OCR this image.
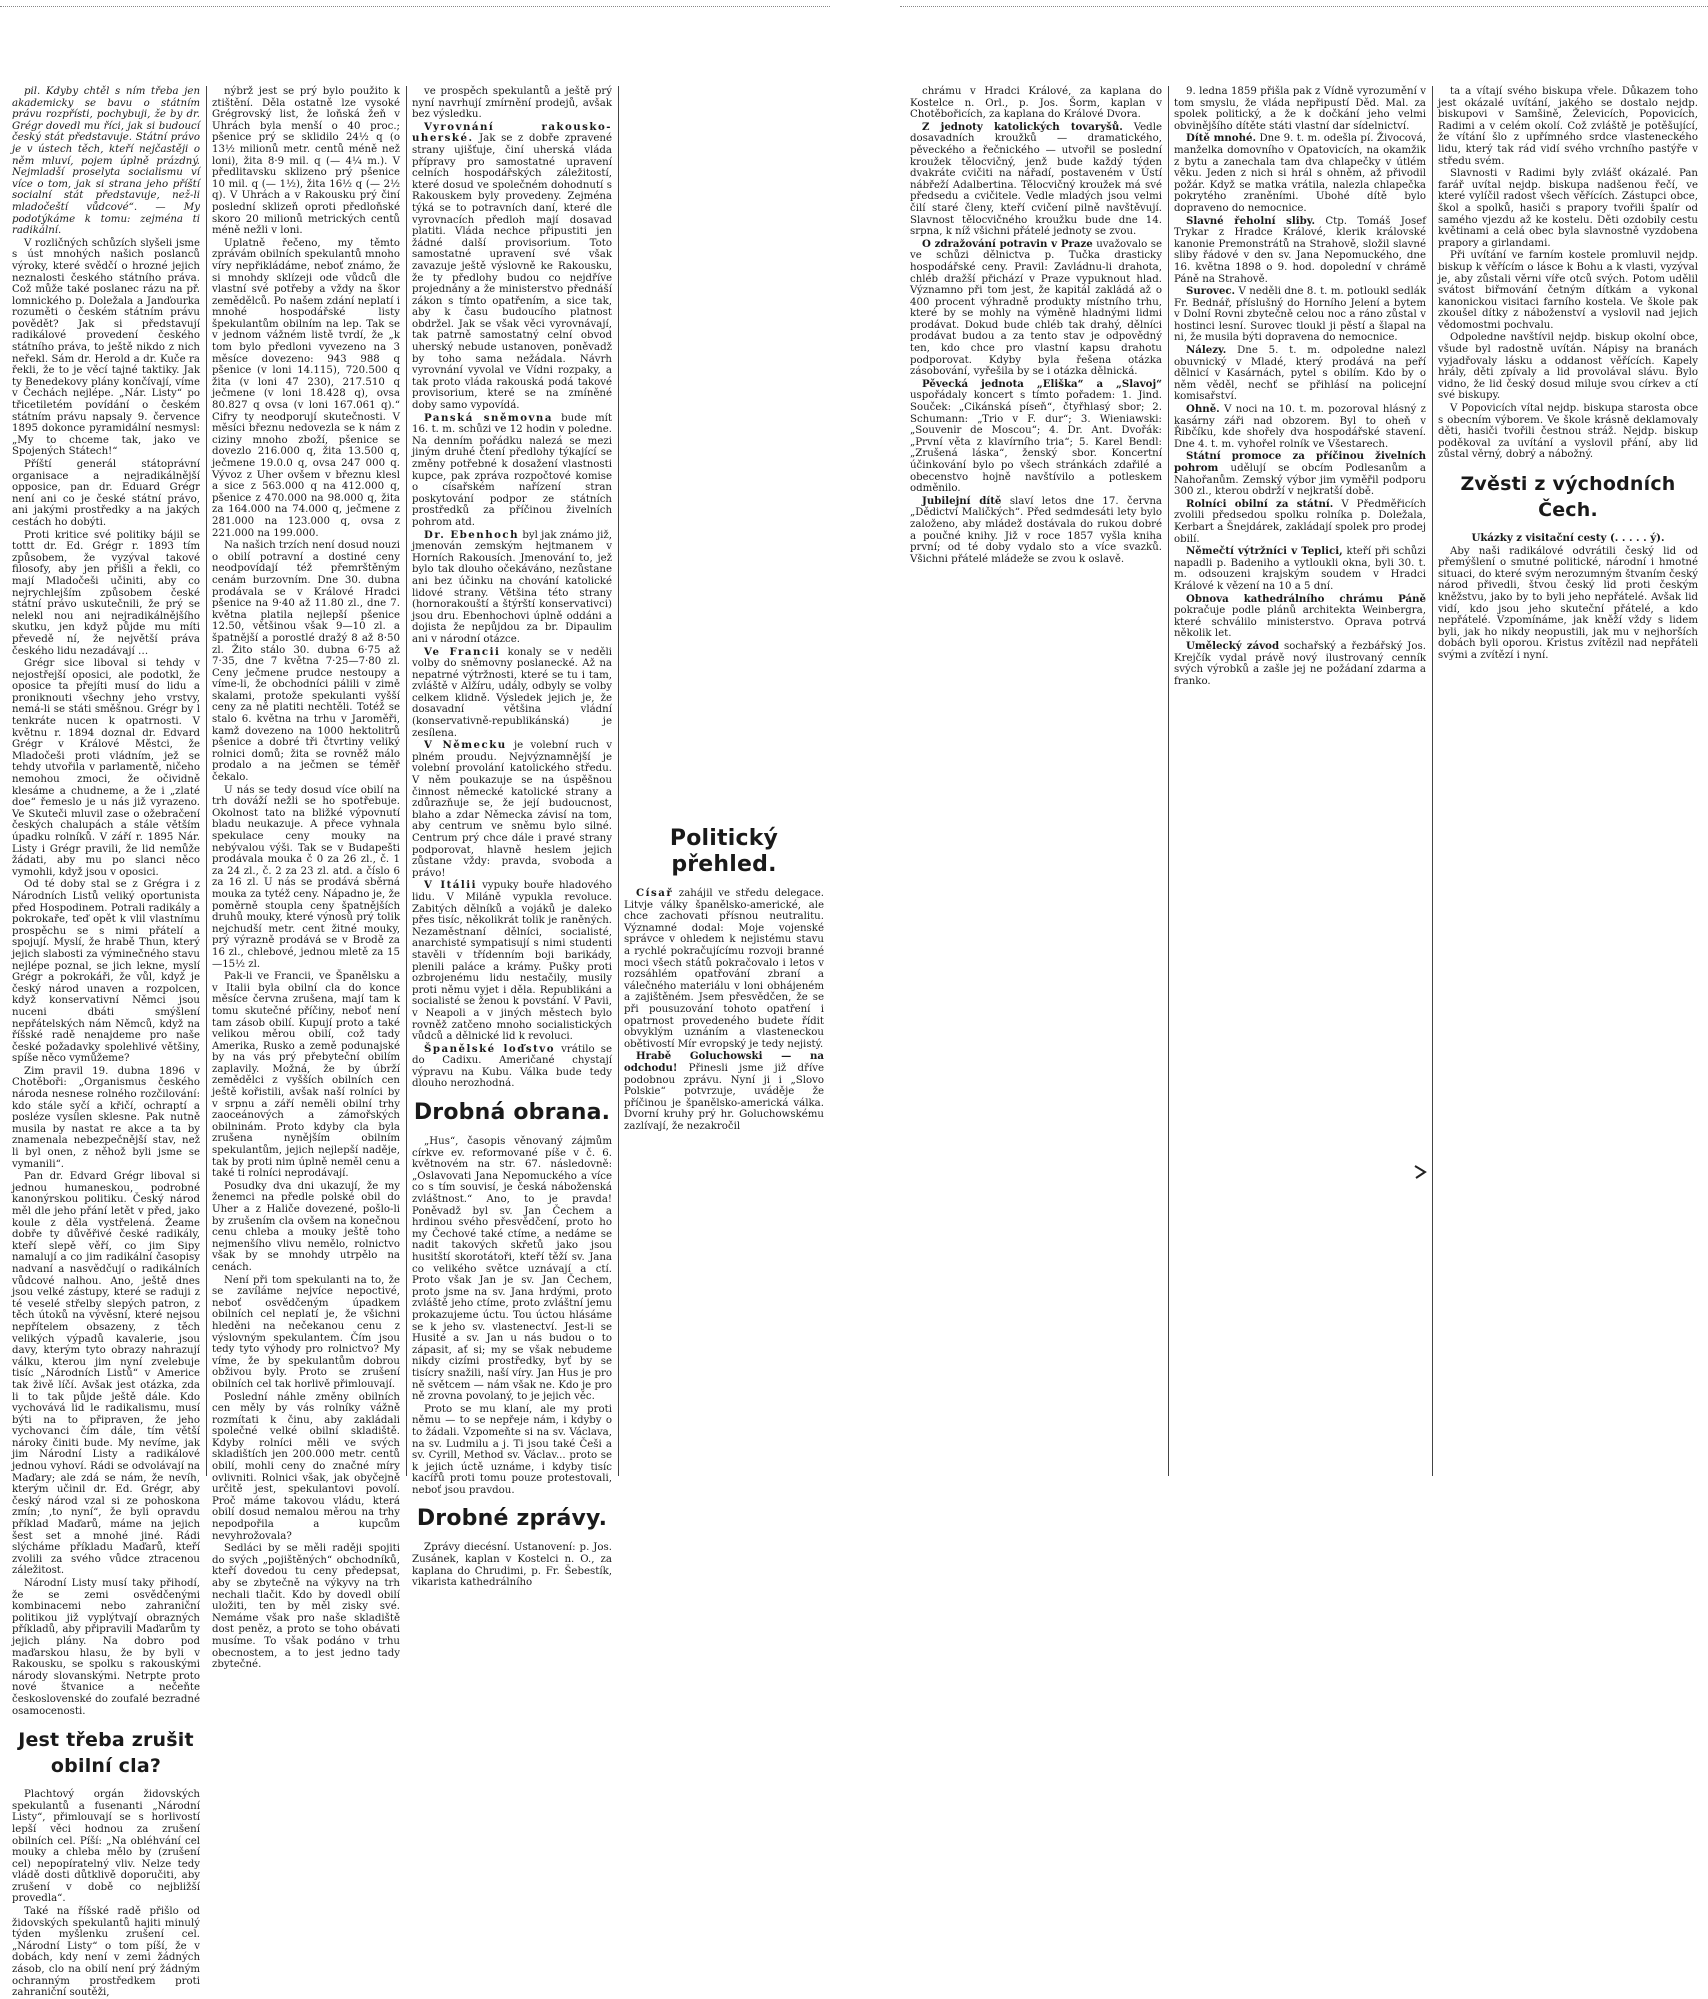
pil. Kdyby chtěl s ním třeba jen akademicky se bavu o státním právu rozpřísti, pochybuji, že by dr. Grégr dovedl mu říci, jak si budoucí český stát představuje. Státní právo je v ústech těch, kteří nejčastěji o něm mluví, pojem úplně prázdný. Nejmladší proselyta socialismu ví více o tom, jak si strana jeho příští socialní stát představuje, než-li mladočeští vůdcové“. — My podotýkáme k tomu: zejména ti radikální.

V rozličných schůzích slyšeli jsme s úst mnohých našich poslanců výroky, které svědčí o hrozné jejich neznalosti českého státního práva. Což může také poslanec rázu na př. lomnického p. Doležala a Janďourka rozuměti o českém státním právu povědět? Jak si představují radikálové provedení českého státního práva, to ještě nikdo z nich neřekl. Sám dr. Herold a dr. Kuče ra řekli, že to je věcí tajné taktiky. Jak ty Benedekovy plány končívají, víme v Čechách nejlépe. „Nár. Listy“ po třicetiletém povídání o českém státním právu napsaly 9. července 1895 dokonce pyramidální nesmysl: „My to chceme tak, jako ve Spojených Státech!“

Příští generál státoprávní organisace a nejradikálnější opposice, pan dr. Eduard Grégr není ani co je české státní právo, ani jakými prostředky a na jakých cestách ho dobýti.

Proti kritice své politiky bájil se tottt dr. Ed. Grégr r. 1893 tím způsobem, že vyzýval takové filosofy, aby jen přišli a řekli, co mají Mladočeši učiniti, aby co nejrychlejším způsobem české státní právo uskutečnili, že prý se nelekl nou ani nejradikálnějšího skutku, jen když půjde mu míti převedě ní, že největší práva českého lidu nezadávají …

Grégr sice liboval si tehdy v nejostřejší oposici, ale podotkl, že oposice ta přejíti musí do lidu a proniknouti všechny jeho vrstvy, nemá-li se státi směšnou. Grégr by l tenkráte nucen k opatrnosti. V květnu r. 1894 doznal dr. Edvard Grégr v Králové Městci, že Mladočeši proti vládním, jež se tehdy utvořila v parlamentě, ničeho nemohou zmoci, že očividně klesáme a chudneme, a že i „zlaté doe“ řemeslo je u nás již vyrazeno. Ve Skuteči mluvil zase o ožebračení českých chalupách a stále větším úpadku rolníků. V září r. 1895 Nár. Listy i Grégr pravili, že lid nemůže žádati, aby mu po slanci něco vymohli, když jsou v oposici.

Od té doby stal se z Grégra i z Národních Listů veliký oportunista před Hospodinem. Potrali radikály a pokrokaře, teď opět k vlil vlastnímu prospěchu se s nimi přátelí a spojují. Myslí, že hrabě Thun, který jejich slabosti za výminečného stavu nejlépe poznal, se jich lekne, myslí Grégr a pokrokáři, že vůl, když je český národ unaven a rozpolcen, když konservativní Němci jsou nuceni dbáti smýšlení nepřátelských nám Němců, když na říšské radě nenajdeme pro naše české požadavky spolehlivé většiny, spíše něco vymůžeme?

Zim pravil 19. dubna 1896 v Chotěboři: „Organismus českého národa nesnese rolného rozčilování: kdo stále syčí a křičí, ochraptí a posléze vysílen sklesne. Pak nutně musila by nastat re akce a ta by znamenala nebezpečnější stav, než li byl onen, z něhož byli jsme se vymanili“.

Pan dr. Edvard Grégr liboval si jednou humaneskou, podrobné kanonýrskou politiku. Český národ měl dle jeho přání letět v před, jako koule z děla vystřelená. Žeame dobře ty důvěřivé české radikály, kteří slepě věří, co jim Sipy namalují a co jim radikální časopisy nadvaní a nasvědčují o radikálních vůdcové nalhou. Ano, ještě dnes jsou velké zástupy, které se raduji z té veselé střelby slepých patron, z těch útoků na vývěsní, které nejsou nepřítelem obsazeny, z těch velikých výpadů kavalerie, jsou davy, kterým tyto obrazy nahrazují válku, kterou jim nyní zvelebuje tisíc „Národních Listů“ v Americe tak živě líčí. Avšak jest otázka, zda li to tak půjde ještě dále. Kdo vychovává lid le radikalismu, musí býti na to připraven, že jeho vychovanci čím dále, tím větší nároky činiti bude. My nevíme, jak jim Národní Listy a radikálové jednou vyhoví. Rádi se odvolávají na Maďary; ale zdá se nám, že nevíh, kterým učinil dr. Ed. Grégr, aby český národ vzal si ze pohoskona zmín; ‚to nyní“, že byli opravdu příklad Maďarů, máme na jejich šest set a mnohé jiné. Rádi slýcháme příkladu Maďarů, kteří zvolili za svého vůdce ztracenou záležitost.

Národní Listy musí taky přihodí, že se zemi osvědčenými kombinacemi nebo zahraniční politikou již vyplýtvají obrazných příkladů, aby připravili Maďarům ty jejich plány. Na dobro pod maďarskou hlasu, že by byli v Rakousku, se spolku s rakouskými národy slovanskými. Netrpte proto nové štvanice a nečeňte československé do zoufalé bezradné osamocenosti.

Jest třeba zrušit obilní cla?

Plachtový orgán židovských spekulantů a fusenanti „Národní Listy“, přimlouvají se s horlivostí lepší věci hodnou za zrušení obilních cel. Píší: „Na obléhvání cel mouky a chleba mělo by (zrušení cel) nepopíratelný vliv. Nelze tedy vládě dosti důtklivě doporučiti, aby zrušení v době co nejbližší provedla“.

Také na říšské radě přišlo od židovských spekulantů hajiti minulý týden myšlenku zrušení cel. „Národní Listy“ o tom píší, že v dobách, kdy není v zemi žádných zásob, clo na obilí není prý žádným ochranným prostředkem proti zahraniční soutěži,

nýbrž jest se prý bylo použito k ztištění. Děla ostatně lze vysoké Grégrovský list, že loňská žeň v Uhrách byla menší o 40 proc.; pšenice prý se sklidilo 24½ q (o 13½ milionů metr. centů méně než loni), žita 8·9 mil. q (— 4¼ m.). V předlitavsku sklizeno prý pšenice 10 mil. q (— 1½), žita 16½ q (— 2½ q). V Uhrách a v Rakousku prý činí poslední sklizeň oproti předloňské skoro 20 milionů metrických centů méně nežli v loni.

Uplatně řečeno, my těmto zprávám obilních spekulantů mnoho víry nepřikládáme, neboť známo, že si mnohdy sklízeji ode vůdců dle vlastní své potřeby a vždy na škor zemědělců. Po našem zdání neplatí i mnohé hospodářské listy špekulantům obilním na lep. Tak se v jednom vážném listě tvrdí, že „k tom bylo předloni vyvezeno na 3 měsíce dovezeno: 943 988 q pšenice (v loni 14.115), 720.500 q žita (v loni 47 230), 217.510 q ječmene (v loni 18.428 q), ovsa 80.827 q ovsa (v loni 167.061 q).“ Cifry ty neodporují skutečnosti. V měsíci březnu nedovezla se k nám z ciziny mnoho zboží, pšenice se dovezlo 216.000 q, žita 13.500 q, ječmene 19.0.0 q, ovsa 247 000 q. Vývoz z Uher ovšem v březnu klesl a sice z 563.000 q na 412.000 q, pšenice z 470.000 na 98.000 q, žita za 164.000 na 74.000 q, ječmene z 281.000 na 123.000 q, ovsa z 221.000 na 199.000.

Na našich trzích není dosud nouzi o obilí potravní a dostiné ceny neodpovídají též přemrštěným cenám burzovním. Dne 30. dubna prodávala se v Králové Hradci pšenice na 9·40 až 11.80 zl., dne 7. května platila nejlepší pšenice 12.50, většinou však 9—10 zl. a špatnější a porostlé dražý 8 až 8·50 zl. Žito stálo 30. dubna 6·75 až 7·35, dne 7 května 7·25—7·80 zl. Ceny ječmene prudce nestoupy a víme-li, že obchodníci pálili v zimě skalami, protože spekulanti vyšší ceny za ně platiti nechtěli. Totéž se stalo 6. května na trhu v Jaroměři, kamž dovezeno na 1000 hektolitrů pšenice a dobré tři čtvrtiny veliký rolnici domů; žita se rovněž málo prodalo a na ječmen se téměř čekalo.

U nás se tedy dosud více obilí na trh dováží nežli se ho spotřebuje. Okolnost tato na bližké výpovnutí bladu neukazuje. A přece vyhnala spekulace ceny mouky na nebývalou výši. Tak se v Budapešti prodávala mouka č 0 za 26 zl., č. 1 za 24 zl., č. 2 za 23 zl. atd. a číslo 6 za 16 zl. U nás se prodává sběrná mouka za tytéž ceny. Nápadno je, že poměrně stoupla ceny špatnějších druhů mouky, které výnosů prý tolik nejchudší metr. cent žitné mouky, prý výrazně prodává se v Brodě za 16 zl., chlebové, jednou mletě za 15—15½ zl.

Pak-li ve Francii, ve Španělsku a v Italii byla obilní cla do konce měsíce června zrušena, mají tam k tomu skutečné příčiny, neboť není tam zásob obilí. Kupují proto a také velikou měrou obilí, což tady Amerika, Rusko a země podunajské by na vás prý přebyteční obilím zaplavily. Možná, že by úbrží zemědělci z vyšších obilních cen ještě kořistili, avšak naší rolníci by v srpnu a září neměli obilní trhy zaoceánových a zámořských obilninám. Proto kdyby cla byla zrušena nynějším obilním spekulantům, jejich nejlepší naděje, tak by proti nim úplně neměl cenu a také ti rolníci neprodávají.

Posudky dva dni ukazují, že my ženemci na předle polské obil do Uher a z Haliče dovezené, pošlo-li by zrušením cla ovšem na konečnou cenu chleba a mouky ještě toho nejmenšího vlivu nemělo, rolnictvo však by se mnohdy utrpělo na cenách.

Není při tom spekulanti na to, že se zavíláme nejvíce nepoctivé, neboť osvědčeným úpadkem obilních cel neplatí je, že všichni hleděni na nečekanou cenu z výslovným spekulantem. Čím jsou tedy tyto výhody pro rolnictvo? My víme, že by spekulantům dobrou obživou byly. Proto se zrušení obilních cel tak horlivě přimlouvají.

Poslední náhle změny obilních cen měly by vás rolníky vážně rozmítati k činu, aby zakládali společné velké obilní skladiště. Kdyby rolníci měli ve svých skladištích jen 200.000 metr. centů obilí, mohli ceny do značné míry ovlivniti. Rolnici však, jak obyčejně určitě jest, spekulantovi povolí. Proč máme takovou vládu, která obilí dosud nemalou měrou na trhy nepodpořila a kupcům nevyhrožovala?

Sedláci by se měli raději spojiti do svých „pojištěných“ obchodníků, kteří dovedou tu ceny předepsat, aby se zbytečně na výkyvy na trh nechali tlačit. Kdo by dovedl obilí uložiti, ten by měl zisky své. Nemáme však pro naše skladiště dost peněz, a proto se toho obávati musíme. To však podáno v trhu obecnostem, a to jest jedno tady zbytečné.

ve prospěch spekulantů a ještě prý nyní navrhují zmírnění prodejů, avšak bez výsledku.

Vyrovnání rakousko-uherské. Jak se z dobře zpravené strany ujišťuje, činí uherská vláda přípravy pro samostatné upravení celních hospodářských záležitostí, které dosud ve společném dohodnutí s Rakouskem byly provedeny. Zejména týká se to potravních daní, které dle vyrovnacích předloh mají dosavad platiti. Vláda nechce připustiti jen žádné další provisorium. Toto samostatné upravení své však zavazuje ještě výslovně ke Rakousku, že ty předlohy budou co nejdříve projednány a že ministerstvo přednáší zákon s tímto opatřením, a sice tak, aby k času budoucího platnost obdržel. Jak se však věci vyrovnávají, tak patrně samostatný celní obvod uherský nebude ustanoven, poněvadž by toho sama nežádala. Návrh vyrovnání vyvolal ve Vídni rozpaky, a tak proto vláda rakouská podá takové provisorium, které se na zmíněné doby samo vypovídá.

Panská sněmovna bude mít 16. t. m. schůzi ve 12 hodin v poledne. Na denním pořádku nalezá se mezi jiným druhé čtení předlohy týkající se změny potřebné k dosažení vlastnosti kupce, pak zpráva rozpočtové komise o císařském nařízení stran poskytování podpor ze státních prostředků za příčinou živelních pohrom atd.

Dr. Ebenhoch byl jak známo již, jmenován zemským hejtmanem v Horních Rakousích. Jmenování to, jež bylo tak dlouho očekáváno, nezůstane ani bez účinku na chování katolické lidové strany. Většina této strany (hornorakouští a štýrští konservativci) jsou dru. Ebenhochovi úplně oddáni a dojista že nepůjdou za br. Dipaulim ani v národní otázce.

Ve Francii konaly se v neděli volby do sněmovny poslanecké. Až na nepatrné výtržnosti, které se tu i tam, zvláště v Alžíru, udály, odbyly se volby celkem klidně. Výsledek jejich je, že dosavadní většina vládní (konservativně-republikánská) je zesílena.

V Německu je volební ruch v plném proudu. Nejvýznamnější je volební provolání katolického středu. V něm poukazuje se na úspěšnou činnost německé katolické strany a zdůrazňuje se, že její budoucnost, blaho a zdar Německa závisí na tom, aby centrum ve sněmu bylo silné. Centrum prý chce dále i pravé strany podporovat, hlavně heslem jejich zůstane vždy: pravda, svoboda a právo!

V Itálii vypuky bouře hladového lidu. V Miláně vypukla revoluce. Zabitých dělníků a vojáků je daleko přes tisíc, několikrát tolik je raněných. Nezaměstnaní dělníci, socialisté, anarchisté sympatisují s nimi studenti stavěli v třídenním boji barikády, plenili paláce a krámy. Pušky proti ozbrojenému lidu nestačily, musily proti němu vyjet i děla. Republikáni a socialisté se ženou k povstání. V Pavii, v Neapoli a v jiných městech bylo rovněž zatčeno mnoho socialistických vůdců a dělnické lid k revoluci.

Španělské loďstvo vrátilo se do Cadixu. Američané chystají výpravu na Kubu. Válka bude tedy dlouho nerozhodná.

Drobná obrana.

„Hus“, časopis věnovaný zájmům církve ev. reformované píše v č. 6. květnovém na str. 67. následovně: „Oslavovati Jana Nepomuckého a více co s tím souvisí, je česká náboženská zvláštnost.“ Ano, to je pravda! Poněvadž byl sv. Jan Čechem a hrdinou svého přesvědčení, proto ho my Čechové také ctíme, a nedáme se nadit takových skřetů jako jsou husitští skorotátoři, kteří těží sv. Jana co velikého světce uznávají a ctí. Proto však Jan je sv. Jan Čechem, proto jsme na sv. Jana hrdými, proto zvláště jeho ctíme, proto zvláštní jemu prokazujeme úctu. Tou úctou hlásáme se k jeho sv. vlastenectví. Jest-li se Husité a sv. Jan u nás budou o to zápasit, ať si; my se však nebudeme nikdy cizími prostředky, byť by se tisícry snažili, naší víry. Jan Hus je pro ně světcem — nám však ne. Kdo je pro ně zrovna povolaný, to je jejich věc.

Proto se mu klaní, ale my proti němu — to se nepřeje nám, i kdyby o to žádali. Vzpomeňte si na sv. Václava, na sv. Ludmilu a j. Ti jsou také Češi a sv. Cyrill, Method sv. Václav... proto se k jejich úctě uznáme, i kdyby tisíc kacířů proti tomu pouze protestovali, neboť jsou pravdou.

Drobné zprávy.

Zprávy diecésní. Ustanovení: p. Jos. Zusánek, kaplan v Kostelci n. O., za kaplana do Chrudimi, p. Fr. Šebestík, vikarista kathedrálního

Politický přehled.

Císař zahájil ve středu delegace. Litvje války španělsko-americké, ale chce zachovati přísnou neutralitu. Významné dodal: Moje vojenské správce v ohledem k nejistému stavu a rychlé pokračujícímu rozvoji branné moci všech států pokračovalo i letos v rozsáhlém opatřování zbraní a válečného materiálu v loni obhájeném a zajištěném. Jsem přesvědčen, že se při pousuzování tohoto opatření i opatrnost provedeného budete řídit obvyklým uznáním a vlasteneckou obětivostí Mír evropský je tedy nejistý.

Hrabě Goluchowski — na odchodu! Přinesli jsme již dříve podobnou zprávu. Nyní ji i „Slovo Polskie“ potvrzuje, uváděje že příčinou je španělsko-americká válka. Dvorní kruhy prý hr. Goluchowskému zazlívají, že nezakročil

chrámu v Hradci Králové, za kaplana do Kostelce n. Orl., p. Jos. Šorm, kaplan v Chotěbořicích, za kaplana do Králové Dvora.

Z jednoty katolických tovaryšů. Vedle dosavadních kroužků — dramatického, pěveckého a řečnického — utvořil se poslední kroužek tělocvičný, jenž bude každý týden dvakráte cvičiti na nářadí, postaveném v Ústí nábřeží Adalbertina. Tělocvičný kroužek má své předsedu a cvičitele. Vedle mladých jsou velmi čilí staré členy, kteří cvičení pilně navštěvují. Slavnost tělocvičného kroužku bude dne 14. srpna, k níž všichni přátelé jednoty se zvou.

O zdražování potravin v Praze uvažovalo se ve schůzi dělnictva p. Tučka drasticky hospodářské ceny. Pravil: Zavládnu-li drahota, chléb dražší přichází v Praze vypuknout hlad. Významno při tom jest, že kapitál zakládá až o 400 procent výhradně produkty místního trhu, které by se mohly na výměně hladnými lidmi prodávat. Dokud bude chléb tak drahý, dělníci prodávat budou a za tento stav je odpovědný ten, kdo chce pro vlastní kapsu drahotu podporovat. Kdyby byla řešena otázka zásobování, vyřešila by se i otázka dělnická.

Pěvecká jednota „Eliška“ a „Slavoj“ uspořádaly koncert s tímto pořadem: 1. Jind. Souček: „Cikánská píseň“, čtyřhlasý sbor; 2. Schumann: „Trio v F. dur“; 3. Wieniawski: „Souvenir de Moscou“; 4. Dr. Ant. Dvořák: „První věta z klavírního tria“; 5. Karel Bendl: „Zrušená láska“, ženský sbor. Koncertní účinkování bylo po všech stránkách zdařilé a obecenstvo hojně navštívilo a potleskem odměnilo.

Jubilejní dítě slaví letos dne 17. června „Dědictví Maličkých“. Před sedmdesáti lety bylo založeno, aby mládež dostávala do rukou dobré a poučné knihy. Již v roce 1857 vyšla kniha první; od té doby vydalo sto a více svazků. Všichni přátelé mládeže se zvou k oslavě.

9. ledna 1859 přišla pak z Vídně vyrozumění v tom smyslu, že vláda nepřipustí Děd. Mal. za spolek politický, a že k dočkání jeho velmi obvinějšího dítěte státi vlastní dar sídelnictví.

Dítě mnohé. Dne 9. t. m. odešla pí. Živocová, manželka domovního v Opatovicích, na okamžik z bytu a zanechala tam dva chlapečky v útlém věku. Jeden z nich si hrál s ohněm, až přivodil požár. Když se matka vrátila, nalezla chlapečka pokrytého zraněními. Ubohé dítě bylo dopraveno do nemocnice.

Slavné řeholní sliby. Ctp. Tomáš Josef Trykar z Hradce Králové, klerik královské kanonie Premonstrátů na Strahově, složil slavné sliby řádové v den sv. Jana Nepomuckého, dne 16. května 1898 o 9. hod. dopolední v chrámě Páně na Strahově.

Surovec. V neděli dne 8. t. m. potloukl sedlák Fr. Bednář, příslušný do Horního Jelení a bytem v Dolní Rovni zbytečně celou noc a ráno zůstal v hostinci lesní. Surovec tloukl ji pěstí a šlapal na ni, že musila býti dopravena do nemocnice.

Nálezy. Dne 5. t. m. odpoledne nalezl obuvnický v Mladé, který prodává na peří dělnicí v Kasárnách, pytel s obilím. Kdo by o něm věděl, nechť se přihlásí na policejní komisařství.

Ohně. V noci na 10. t. m. pozoroval hlásný z kasárny záři nad obzorem. Byl to oheň v Řibčíku, kde shořely dva hospodářské stavení. Dne 4. t. m. vyhořel rolník ve Všestarech.

Státní promoce za příčinou živelních pohrom udělují se obcím Podlesanům a Nahořanům. Zemský výbor jim vyměřil podporu 300 zl., kterou obdrží v nejkratší době.

Rolníci obilní za státní. V Předměřicích zvolili předsedou spolku rolníka p. Doležala, Kerbart a Šnejdárek, zakládají spolek pro prodej obilí.

Němečtí výtržníci v Teplici, kteří při schůzi napadli p. Badeniho a vytloukli okna, byli 30. t. m. odsouzeni krajským soudem v Hradci Králové k vězení na 10 a 5 dní.

Obnova kathedrálního chrámu Páně pokračuje podle plánů architekta Weinbergra, které schválilo ministerstvo. Oprava potrvá několik let.

Umělecký závod sochařský a řezbářský Jos. Krejčík vydal právě nový ilustrovaný cenník svých výrobků a zašle jej ne požádaní zdarma a franko.

ta a vítají svého biskupa vřele. Důkazem toho jest okázalé uvítání, jakého se dostalo nejdp. biskupovi v Samšině, Želevicích, Popovicích, Radimi a v celém okolí. Což zvláště je potěšující, že vítání šlo z upřímného srdce vlasteneckého lidu, který tak rád vidí svého vrchního pastýře v středu svém.

Slavnosti v Radimi byly zvlášť okázalé. Pan farář uvítal nejdp. biskupa nadšenou řečí, ve které vylíčil radost všech věřících. Zástupci obce, škol a spolků, hasiči s prapory tvořili špalír od samého vjezdu až ke kostelu. Děti ozdobily cestu květinami a celá obec byla slavnostně vyzdobena prapory a girlandami.

Při uvítání ve farním kostele promluvil nejdp. biskup k věřícím o lásce k Bohu a k vlasti, vyzýval je, aby zůstali věrni víře otců svých. Potom udělil svátost biřmování četným dítkám a vykonal kanonickou visitaci farního kostela. Ve škole pak zkoušel dítky z náboženství a vyslovil nad jejich vědomostmi pochvalu.

Odpoledne navštívil nejdp. biskup okolní obce, všude byl radostně uvítán. Nápisy na branách vyjadřovaly lásku a oddanost věřících. Kapely hrály, děti zpívaly a lid provolával slávu. Bylo vidno, že lid český dosud miluje svou církev a ctí své biskupy.

V Popovicích vítal nejdp. biskupa starosta obce s obecním výborem. Ve škole krásně deklamovaly děti, hasiči tvořili čestnou stráž. Nejdp. biskup poděkoval za uvítání a vyslovil přání, aby lid zůstal věrný, dobrý a nábožný.

Zvěsti z východních Čech.

Ukázky z visitační cesty (. . . . . ý).

Aby naši radikálové odvrátili český lid od přemýšlení o smutné politické, národní i hmotné situaci, do které svým nerozumným štvaním český národ přivedli, štvou český lid proti českým kněžstvu, jako by to byli jeho nepřátelé. Avšak lid vidí, kdo jsou jeho skuteční přátelé, a kdo nepřátelé. Vzpomínáme, jak kněží vždy s lidem byli, jak ho nikdy neopustili, jak mu v nejhorších dobách byli oporou. Kristus zvítězil nad nepřáteli svými a zvítězí i nyní.
